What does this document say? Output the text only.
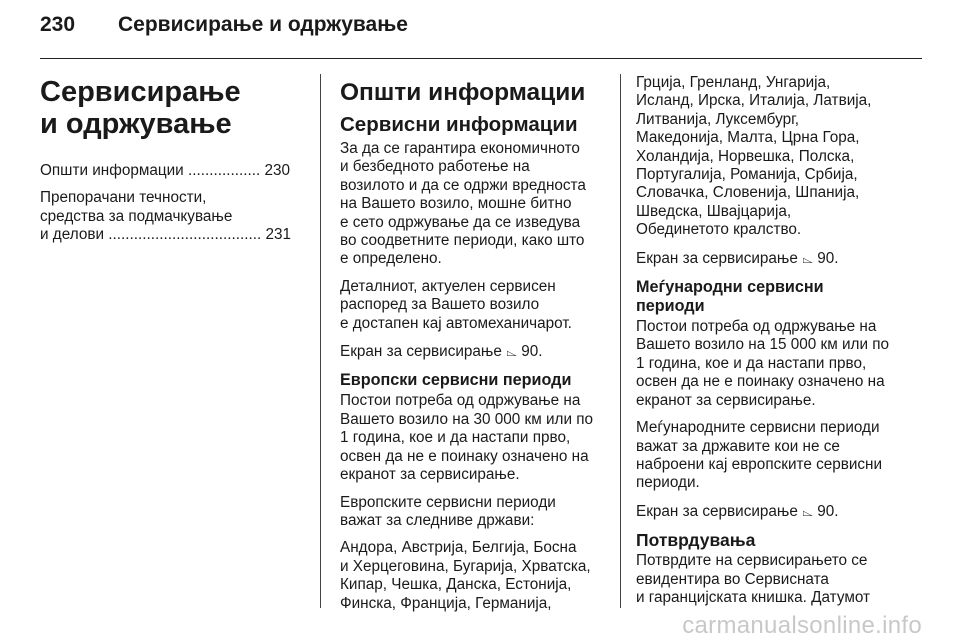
230	Сервисирање и одржување
Сервисирање
и одржување

Општи информации ................. 230

Препорачани течности,
средства за подмачкување
и делови .................................... 231

Општи информации
Сервисни информации

За да се гарантира економичното
и безбедното работење на
возилото и да се одржи вредноста
на Вашето возило, мошне битно
е сето одржување да се изведува
во соодветните периоди, како што
е определено.

Деталниот, актуелен сервисен
распоред за Вашето возило
е достапен кај автомеханичарот.

Екран за сервисирање ⌳ 90.

Европски сервисни периоди

Постои потреба од одржување на
Вашето возило на 30 000 км или по
1 година, кое и да настапи прво,
освен да не е поинаку означено на
екранот за сервисирање.

Европските сервисни периоди
важат за следниве држави:

Андора, Австрија, Белгија, Босна
и Херцеговина, Бугарија, Хрватска,
Кипар, Чешка, Данска, Естонија,
Финска, Франција, Германија,

Грција, Гренланд, Унгарија,
Исланд, Ирска, Италија, Латвија,
Литванија, Луксембург,
Македонија, Малта, Црна Гора,
Холандија, Норвешка, Полска,
Португалија, Романија, Србија,
Словачка, Словенија, Шпанија,
Шведска, Швајцарија,
Обединетото кралство.

Екран за сервисирање ⌳ 90.

Меѓународни сервисни
периоди

Постои потреба од одржување на
Вашето возило на 15 000 км или по
1 година, кое и да настапи прво,
освен да не е поинаку означено на
екранот за сервисирање.

Меѓународните сервисни периоди
важат за државите кои не се
наброени кај европските сервисни
периоди.

Екран за сервисирање ⌳ 90.

Потврдувања

Потврдите на сервисирањето се
евидентира во Сервисната
и гаранцијската книшка. Датумот

carmanualsonline.info
